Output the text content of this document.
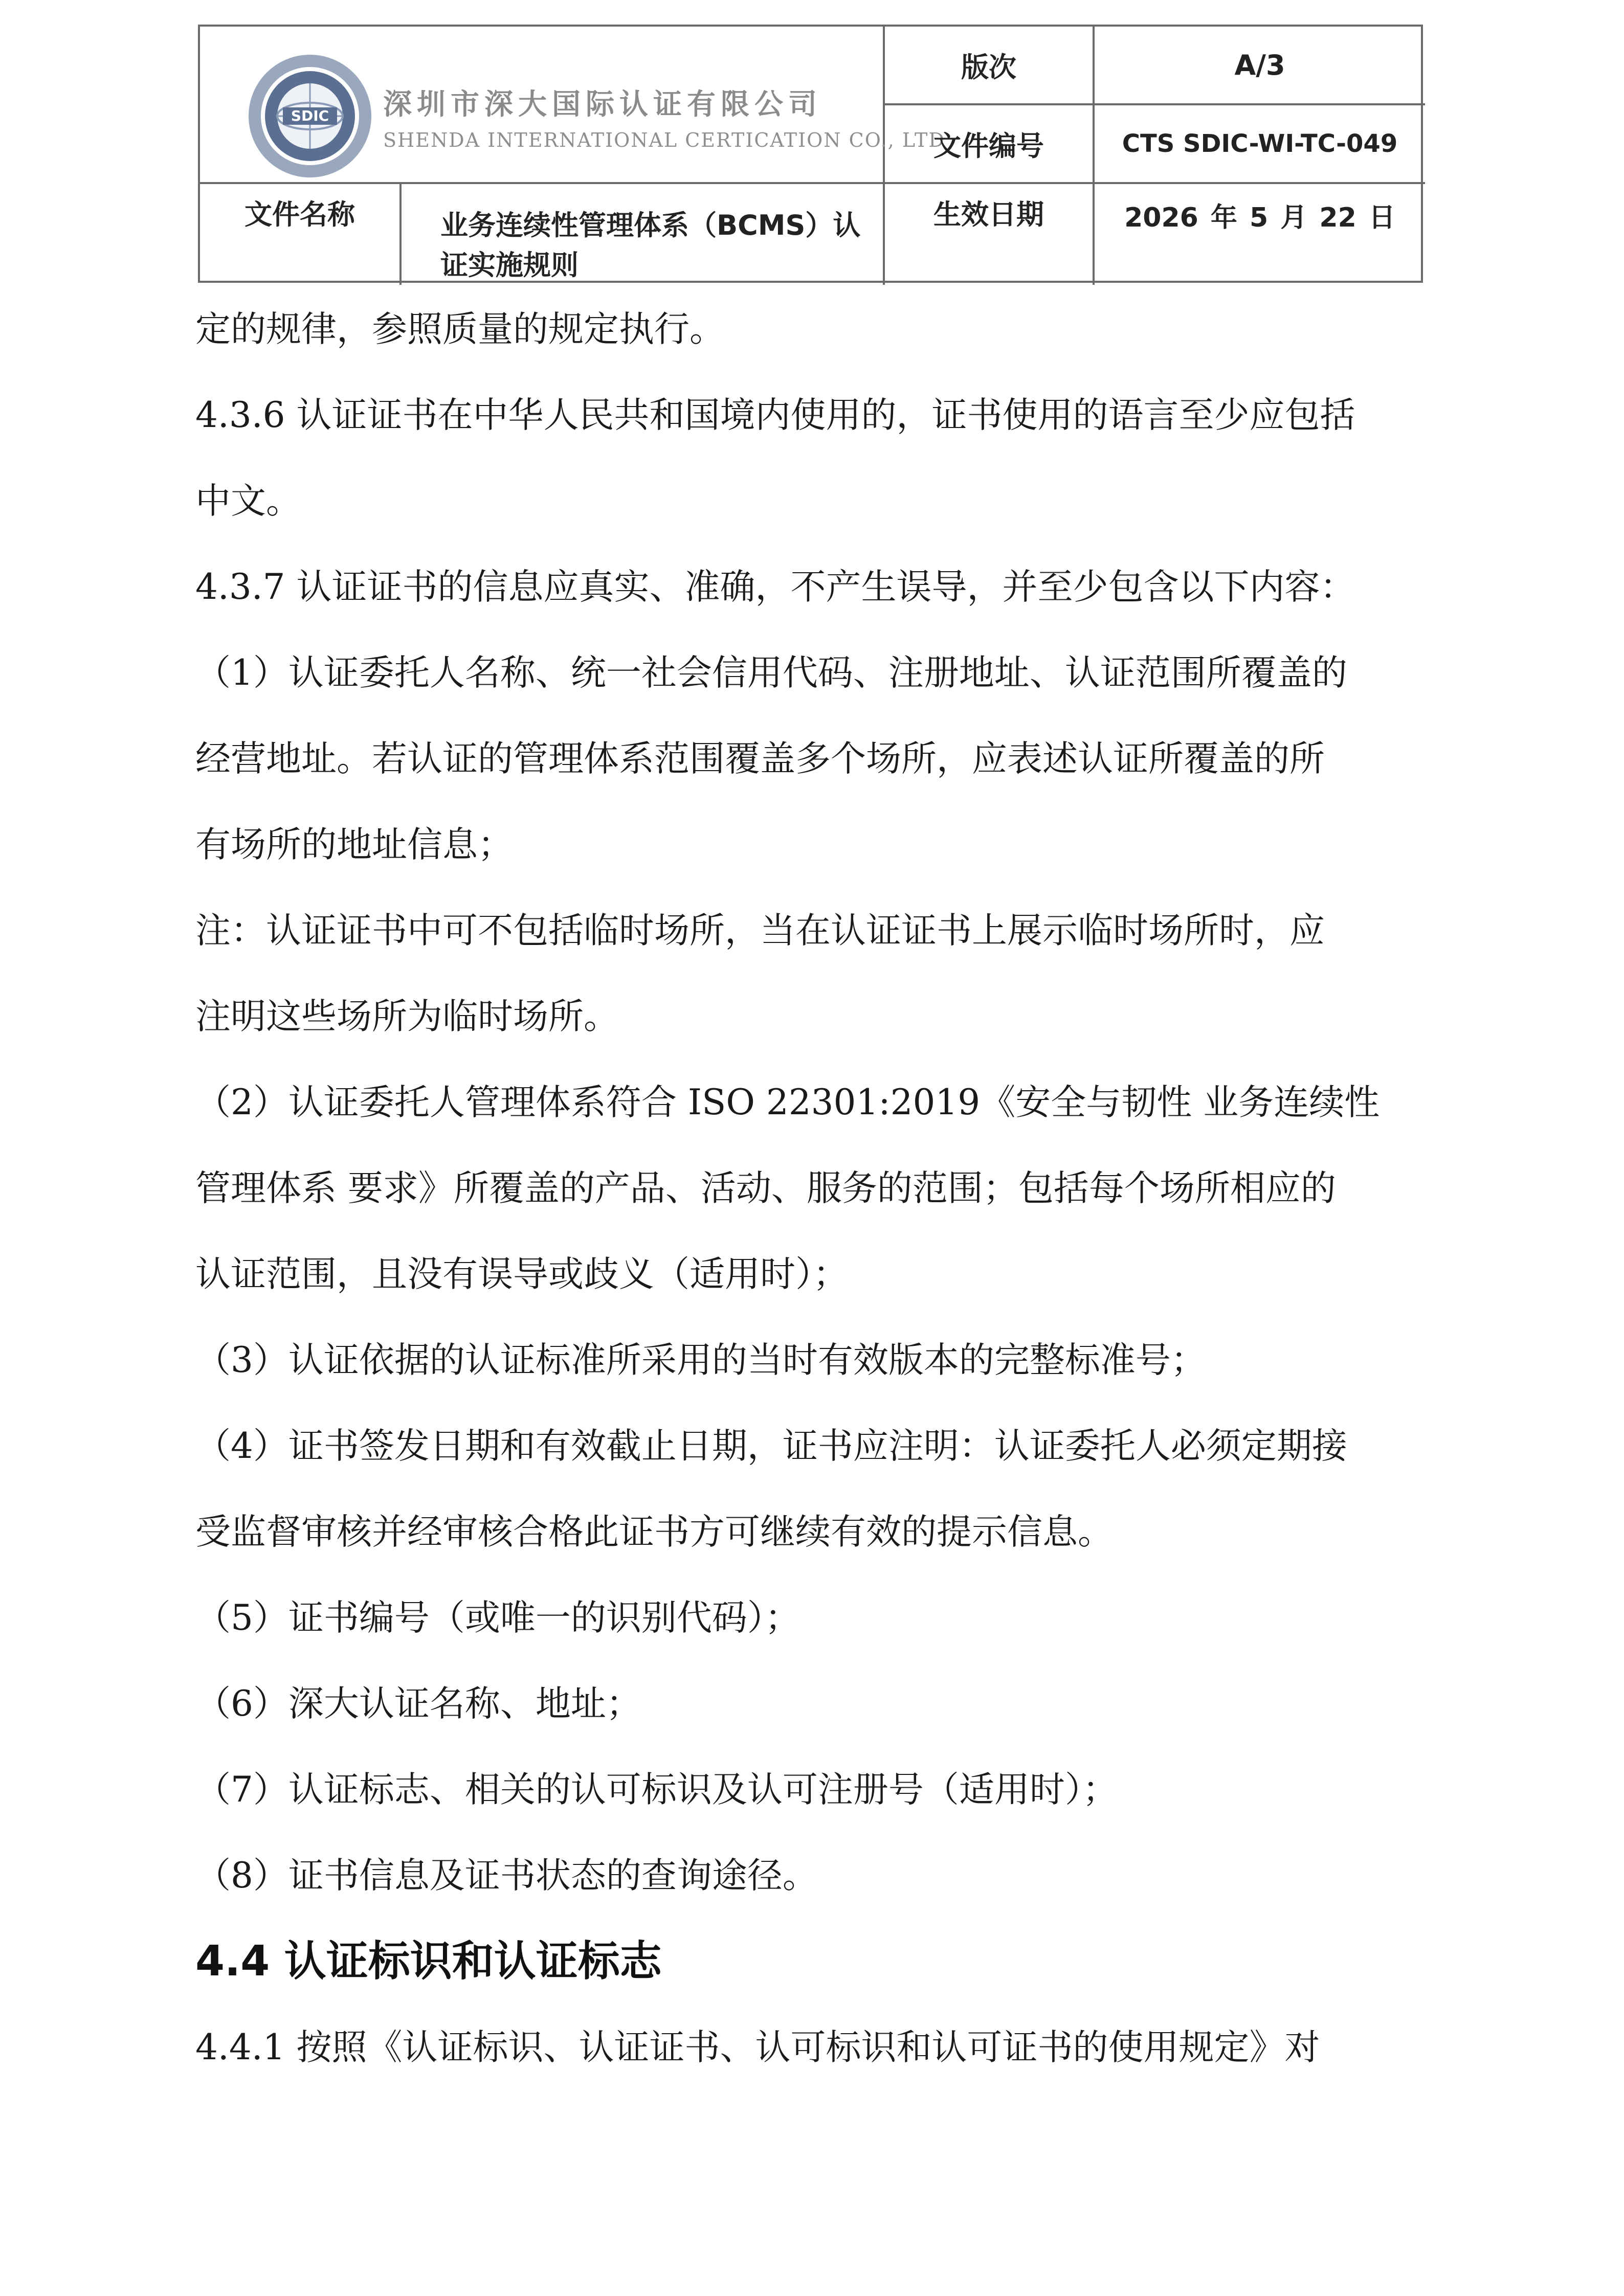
SDIC 深圳市深大国际认证有限公司
SHENDA INTERNATIONAL CERTICATION CO., LTD
版次	A/3
文件编号	CTS SDIC-WI-TC-049
文件名称	业务连续性管理体系（BCMS）认
证实施规则
生效日期	2026 年 5 月 22 日

定的规律，参照质量的规定执行。

4.3.6 认证证书在中华人民共和国境内使用的，证书使用的语言至少应包括
中文。

4.3.7 认证证书的信息应真实、准确，不产生误导，并至少包含以下内容：

（1）认证委托人名称、统一社会信用代码、注册地址、认证范围所覆盖的
经营地址。若认证的管理体系范围覆盖多个场所，应表述认证所覆盖的所
有场所的地址信息；

注：认证证书中可不包括临时场所，当在认证证书上展示临时场所时，应
注明这些场所为临时场所。

（2）认证委托人管理体系符合 ISO 22301:2019《安全与韧性 业务连续性
管理体系 要求》所覆盖的产品、活动、服务的范围；包括每个场所相应的
认证范围，且没有误导或歧义（适用时）；

（3）认证依据的认证标准所采用的当时有效版本的完整标准号；

（4）证书签发日期和有效截止日期，证书应注明：认证委托人必须定期接
受监督审核并经审核合格此证书方可继续有效的提示信息。

（5）证书编号（或唯一的识别代码）；

（6）深大认证名称、地址；

（7）认证标志、相关的认可标识及认可注册号（适用时）；

（8）证书信息及证书状态的查询途径。

4.4 认证标识和认证标志

4.4.1 按照《认证标识、认证证书、认可标识和认可证书的使用规定》对
